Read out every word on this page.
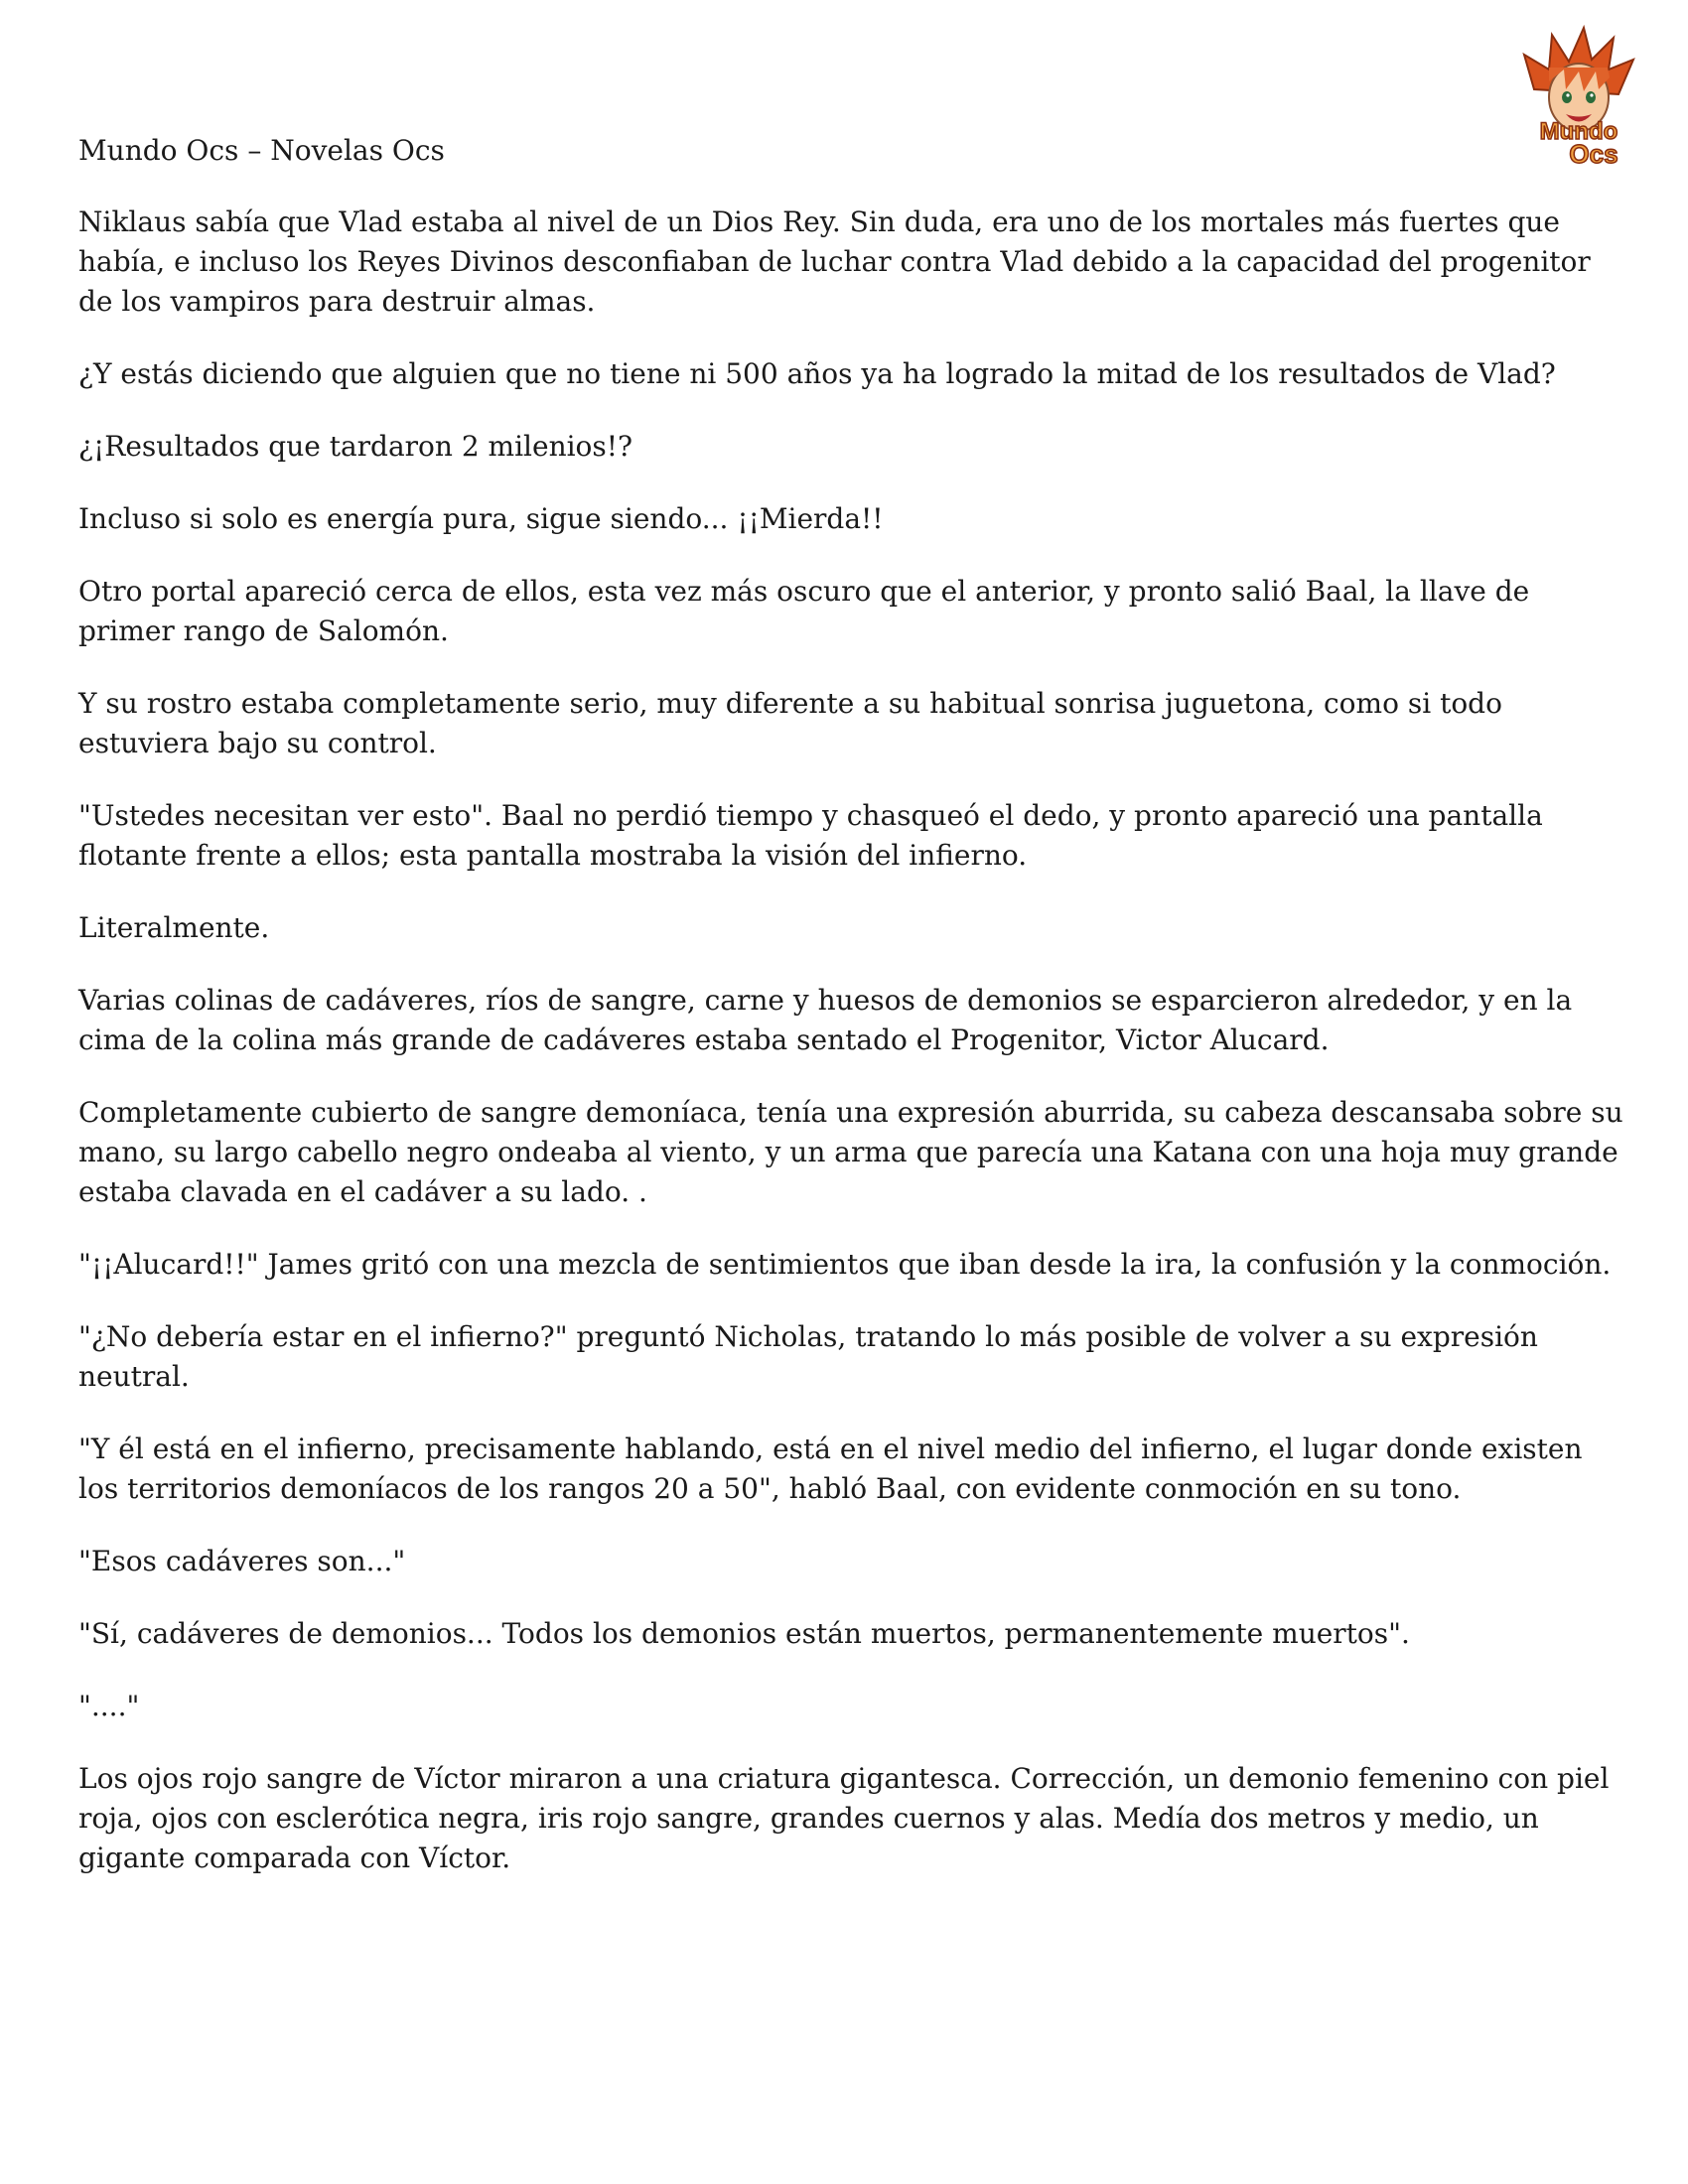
Mundo
Ocs
Mundo Ocs – Novelas Ocs

Niklaus sabía que Vlad estaba al nivel de un Dios Rey. Sin duda, era uno de los mortales más fuertes que había, e incluso los Reyes Divinos desconfiaban de luchar contra Vlad debido a la capacidad del progenitor de los vampiros para destruir almas.

¿Y estás diciendo que alguien que no tiene ni 500 años ya ha logrado la mitad de los resultados de Vlad?

¿¡Resultados que tardaron 2 milenios!?

Incluso si solo es energía pura, sigue siendo... ¡¡Mierda!!

Otro portal apareció cerca de ellos, esta vez más oscuro que el anterior, y pronto salió Baal, la llave de primer rango de Salomón.

Y su rostro estaba completamente serio, muy diferente a su habitual sonrisa juguetona, como si todo estuviera bajo su control.

"Ustedes necesitan ver esto". Baal no perdió tiempo y chasqueó el dedo, y pronto apareció una pantalla flotante frente a ellos; esta pantalla mostraba la visión del infierno.

Literalmente.

Varias colinas de cadáveres, ríos de sangre, carne y huesos de demonios se esparcieron alrededor, y en la cima de la colina más grande de cadáveres estaba sentado el Progenitor, Victor Alucard.

Completamente cubierto de sangre demoníaca, tenía una expresión aburrida, su cabeza descansaba sobre su mano, su largo cabello negro ondeaba al viento, y un arma que parecía una Katana con una hoja muy grande estaba clavada en el cadáver a su lado. .

"¡¡Alucard!!" James gritó con una mezcla de sentimientos que iban desde la ira, la confusión y la conmoción.

"¿No debería estar en el infierno?" preguntó Nicholas, tratando lo más posible de volver a su expresión neutral.

"Y él está en el infierno, precisamente hablando, está en el nivel medio del infierno, el lugar donde existen los territorios demoníacos de los rangos 20 a 50", habló Baal, con evidente conmoción en su tono.

"Esos cadáveres son..."

"Sí, cadáveres de demonios... Todos los demonios están muertos, permanentemente muertos".

"...."

Los ojos rojo sangre de Víctor miraron a una criatura gigantesca. Corrección, un demonio femenino con piel roja, ojos con esclerótica negra, iris rojo sangre, grandes cuernos y alas. Medía dos metros y medio, un gigante comparada con Víctor.
